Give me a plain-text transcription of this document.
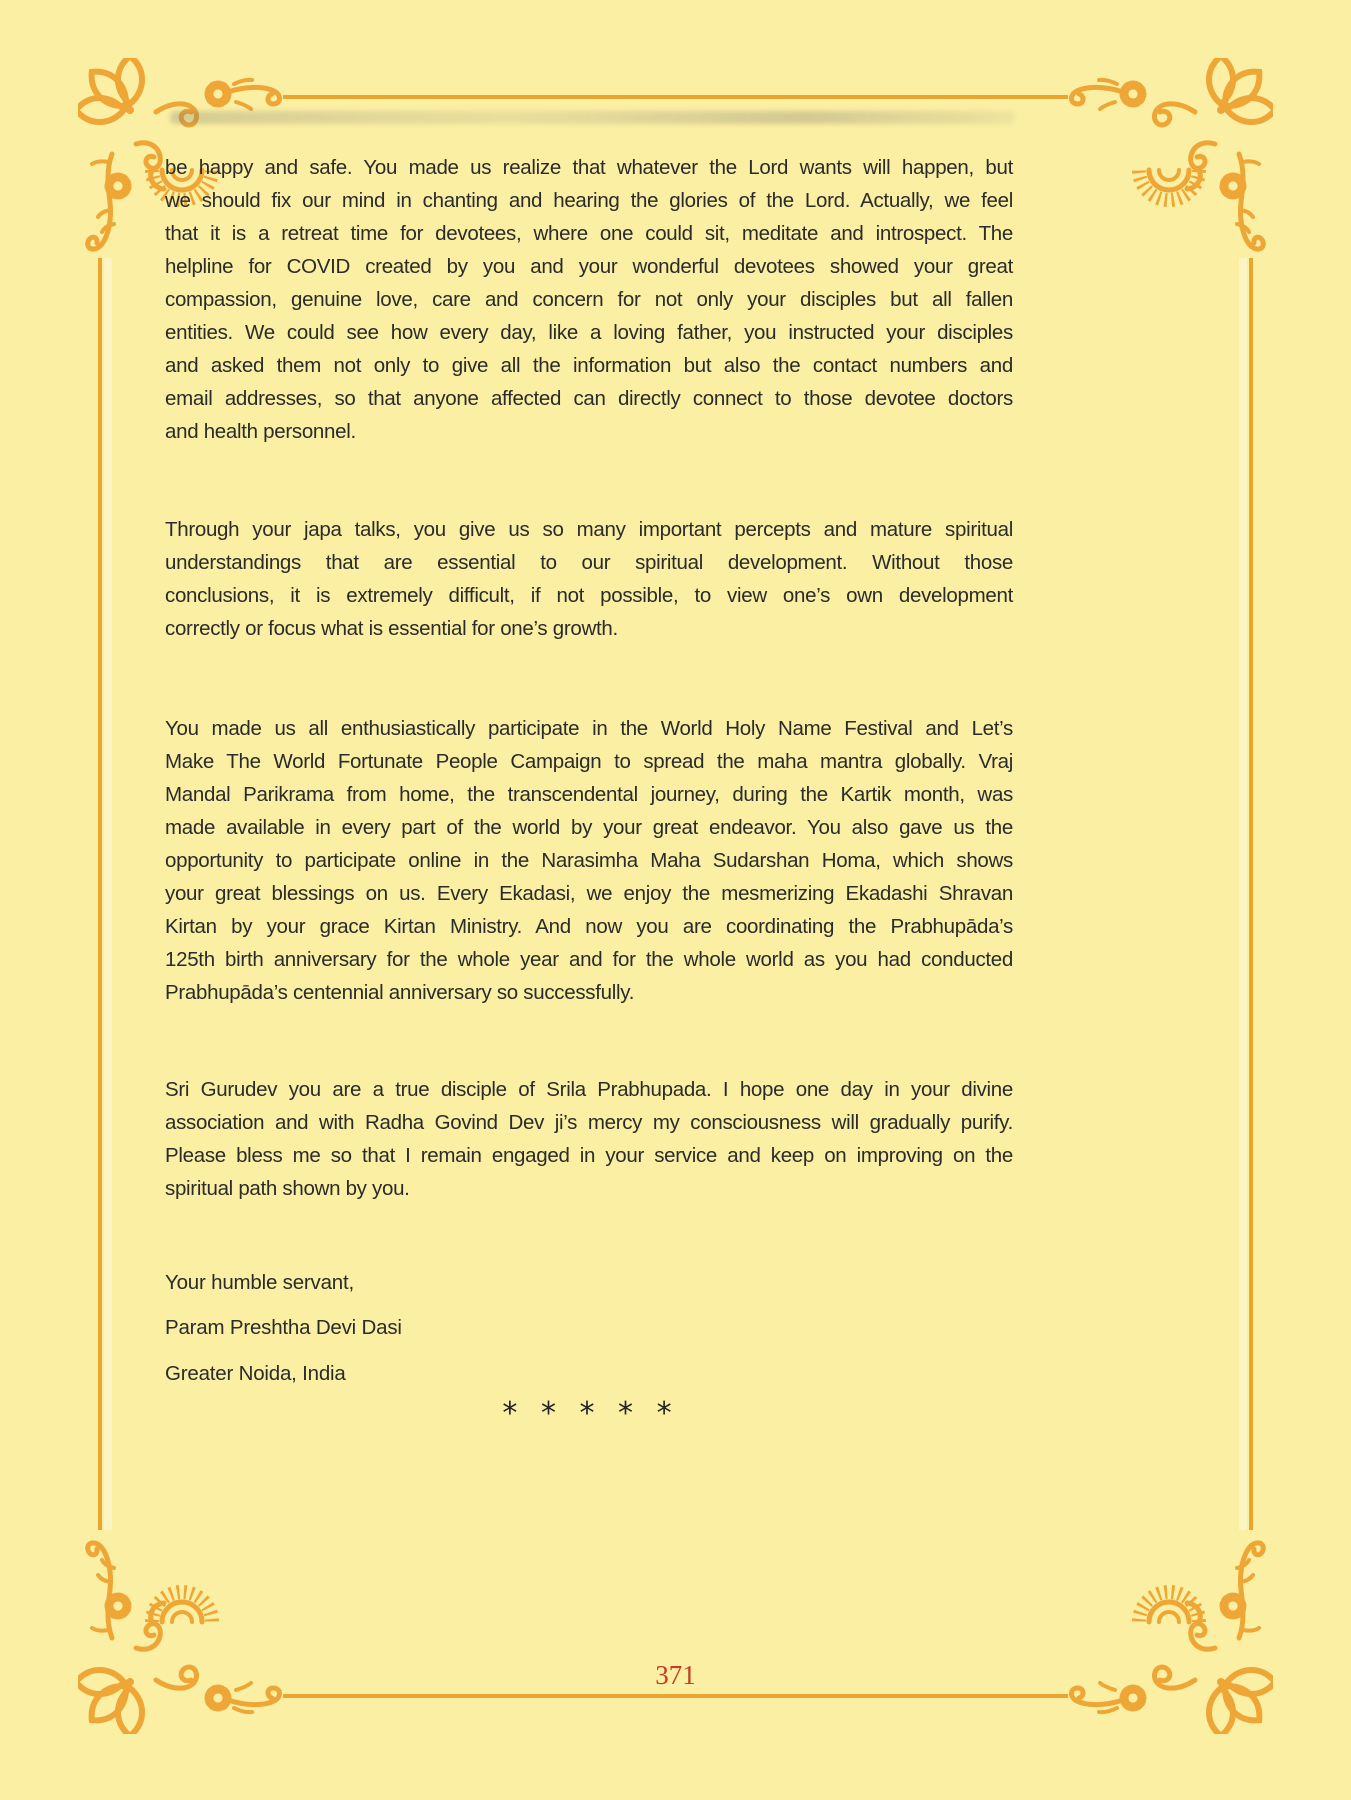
be happy and safe. You made us realize that whatever the Lord wants will happen, but
we should fix our mind in chanting and hearing the glories of the Lord. Actually, we feel
that it is a retreat time for devotees, where one could sit, meditate and introspect. The
helpline for COVID created by you and your wonderful devotees showed your great
compassion, genuine love, care and concern for not only your disciples but all fallen
entities. We could see how every day, like a loving father, you instructed your disciples
and asked them not only to give all the information but also the contact numbers and
email addresses, so that anyone affected can directly connect to those devotee doctors
and health personnel.
Through your japa talks, you give us so many important percepts and mature spiritual
understandings that are essential to our spiritual development. Without those
conclusions, it is extremely difficult, if not possible, to view one’s own development
correctly or focus what is essential for one’s growth.
You made us all enthusiastically participate in the World Holy Name Festival and Let’s
Make The World Fortunate People Campaign to spread the maha mantra globally. Vraj
Mandal Parikrama from home, the transcendental journey, during the Kartik month, was
made available in every part of the world by your great endeavor. You also gave us the
opportunity to participate online in the Narasimha Maha Sudarshan Homa, which shows
your great blessings on us. Every Ekadasi, we enjoy the mesmerizing Ekadashi Shravan
Kirtan by your grace Kirtan Ministry. And now you are coordinating the Prabhupāda’s
125th birth anniversary for the whole year and for the whole world as you had conducted
Prabhupāda’s centennial anniversary so successfully.
Sri Gurudev you are a true disciple of Srila Prabhupada. I hope one day in your divine
association and with Radha Govind Dev ji’s mercy my consciousness will gradually purify.
Please bless me so that I remain engaged in your service and keep on improving on the
spiritual path shown by you.
Your humble servant,
Param Preshtha Devi Dasi
Greater Noida, India
* * * * *
371
